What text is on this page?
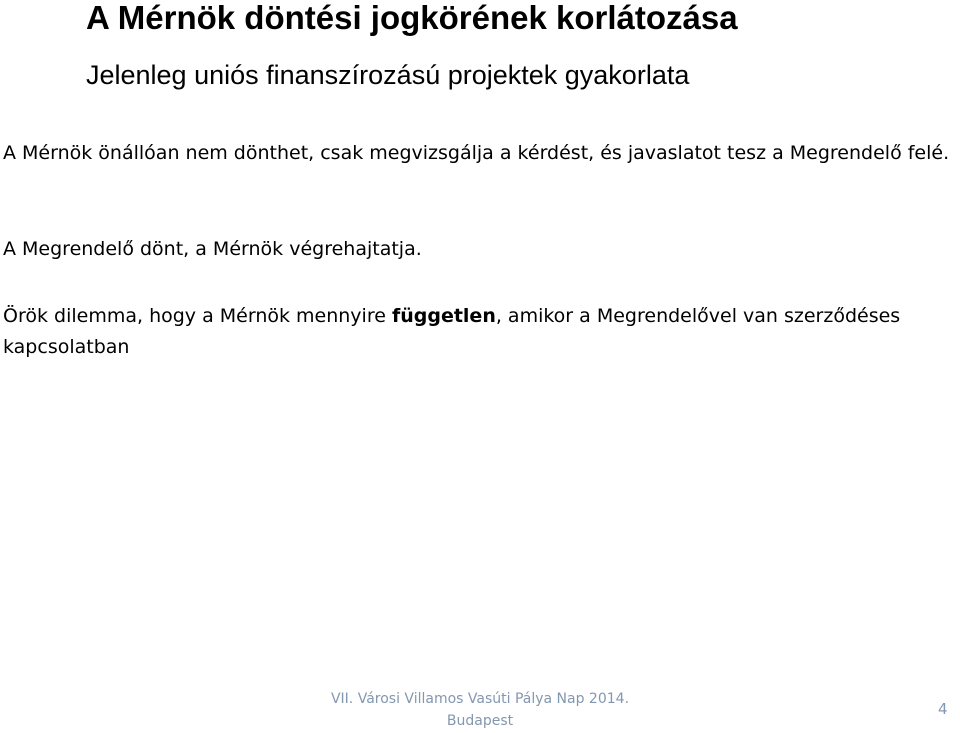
A Mérnök döntési jogkörének korlátozása
Jelenleg uniós finanszírozású projektek gyakorlata

A Mérnök önállóan nem dönthet, csak megvizsgálja a kérdést, és javaslatot tesz a Megrendelő felé.

A Megrendelő dönt, a Mérnök végrehajtatja.

Örök dilemma, hogy a Mérnök mennyire független, amikor a Megrendelővel van szerződéses kapcsolatban

VII. Városi Villamos Vasúti Pálya Nap 2014.
Budapest
4
